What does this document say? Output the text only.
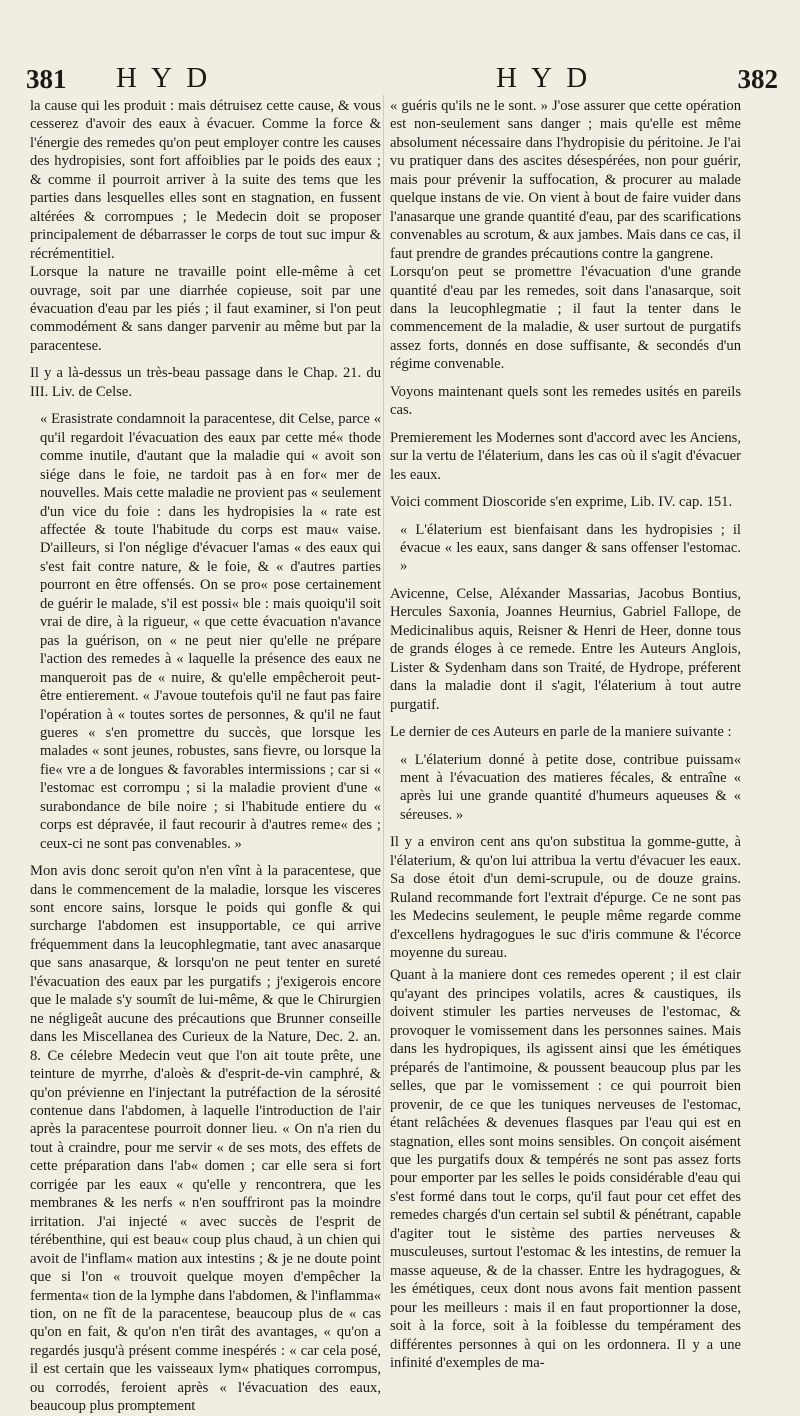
381 H Y D	H Y D	382

la cause qui les produit : mais détruisez cette cause, & vous cesserez d'avoir des eaux à évacuer. Comme la force & l'énergie des remedes qu'on peut employer contre les causes des hydropisies, sont fort affoiblies par le poids des eaux ; & comme il pourroit arriver à la suite des tems que les parties dans lesquelles elles sont en stagnation, en fussent altérées & corrompues ; le Medecin doit se proposer principalement de débarrasser le corps de tout suc impur & récrémentitiel.

Lorsque la nature ne travaille point elle-même à cet ouvrage, soit par une diarrhée copieuse, soit par une évacuation d'eau par les piés ; il faut examiner, si l'on peut commodément & sans danger parvenir au même but par la paracentese.

Il y a là-dessus un très-beau passage dans le Chap. 21. du III. Liv. de Celse.

« Erasistrate condamnoit la paracentese, dit Celse, parce « qu'il regardoit l'évacuation des eaux par cette mé« thode comme inutile, d'autant que la maladie qui « avoit son siége dans le foie, ne tardoit pas à en for« mer de nouvelles. Mais cette maladie ne provient pas « seulement d'un vice du foie : dans les hydropisies la « rate est affectée & toute l'habitude du corps est mau« vaise. D'ailleurs, si l'on néglige d'évacuer l'amas « des eaux qui s'est fait contre nature, & le foie, & « d'autres parties pourront en être offensés. On se pro« pose certainement de guérir le malade, s'il est possi« ble : mais quoiqu'il soit vrai de dire, à la rigueur, « que cette évacuation n'avance pas la guérison, on « ne peut nier qu'elle ne prépare l'action des remedes à « laquelle la présence des eaux ne manqueroit pas de « nuire, & qu'elle empêcheroit peut-être entierement. « J'avoue toutefois qu'il ne faut pas faire l'opération à « toutes sortes de personnes, & qu'il ne faut gueres « s'en promettre du succès, que lorsque les malades « sont jeunes, robustes, sans fievre, ou lorsque la fie« vre a de longues & favorables intermissions ; car si « l'estomac est corrompu ; si la maladie provient d'une « surabondance de bile noire ; si l'habitude entiere du « corps est dépravée, il faut recourir à d'autres reme« des ; ceux-ci ne sont pas convenables. »

Mon avis donc seroit qu'on n'en vînt à la paracentese, que dans le commencement de la maladie, lorsque les visceres sont encore sains, lorsque le poids qui gonfle & qui surcharge l'abdomen est insupportable, ce qui arrive fréquemment dans la leucophlegmatie, tant avec anasarque que sans anasarque, & lorsqu'on ne peut tenter en sureté l'évacuation des eaux par les purgatifs ; j'exigerois encore que le malade s'y soumît de lui-même, & que le Chirurgien ne négligeât aucune des précautions que Brunner conseille dans les Miscellanea des Curieux de la Nature, Dec. 2. an. 8. Ce célebre Medecin veut que l'on ait toute prête, une teinture de myrrhe, d'aloès & d'esprit-de-vin camphré, & qu'on prévienne en l'injectant la putréfaction de la sérosité contenue dans l'abdomen, à laquelle l'introduction de l'air après la paracentese pourroit donner lieu. « On n'a rien du tout à craindre, pour me servir « de ses mots, des effets de cette préparation dans l'ab« domen ; car elle sera si fort corrigée par les eaux « qu'elle y rencontrera, que les membranes & les nerfs « n'en souffriront pas la moindre irritation. J'ai injecté « avec succès de l'esprit de térébenthine, qui est beau« coup plus chaud, à un chien qui avoit de l'inflam« mation aux intestins ; & je ne doute point que si l'on « trouvoit quelque moyen d'empêcher la fermenta« tion de la lymphe dans l'abdomen, & l'inflamma« tion, on ne fît de la paracentese, beaucoup plus de « cas qu'on en fait, & qu'on n'en tirât des avantages, « qu'on a regardés jusqu'à présent comme inespérés : « car cela posé, il est certain que les vaisseaux lym« phatiques corrompus, ou corrodés, feroient après « l'évacuation des eaux, beaucoup plus promptement

« guéris qu'ils ne le sont. » J'ose assurer que cette opération est non-seulement sans danger ; mais qu'elle est même absolument nécessaire dans l'hydropisie du péritoine. Je l'ai vu pratiquer dans des ascites désespérées, non pour guérir, mais pour prévenir la suffocation, & procurer au malade quelque instans de vie. On vient à bout de faire vuider dans l'anasarque une grande quantité d'eau, par des scarifications convenables au scrotum, & aux jambes. Mais dans ce cas, il faut prendre de grandes précautions contre la gangrene.

Lorsqu'on peut se promettre l'évacuation d'une grande quantité d'eau par les remedes, soit dans l'anasarque, soit dans la leucophlegmatie ; il faut la tenter dans le commencement de la maladie, & user surtout de purgatifs assez forts, donnés en dose suffisante, & secondés d'un régime convenable.

Voyons maintenant quels sont les remedes usités en pareils cas.

Premierement les Modernes sont d'accord avec les Anciens, sur la vertu de l'élaterium, dans les cas où il s'agit d'évacuer les eaux.

Voici comment Dioscoride s'en exprime, Lib. IV. cap. 151.

« L'élaterium est bienfaisant dans les hydropisies ; il évacue « les eaux, sans danger & sans offenser l'estomac. »

Avicenne, Celse, Aléxander Massarias, Jacobus Bontius, Hercules Saxonia, Joannes Heurnius, Gabriel Fallope, de Medicinalibus aquis, Reisner & Henri de Heer, donne tous de grands éloges à ce remede. Entre les Auteurs Anglois, Lister & Sydenham dans son Traité, de Hydrope, préferent dans la maladie dont il s'agit, l'élaterium à tout autre purgatif.

Le dernier de ces Auteurs en parle de la maniere suivante :

« L'élaterium donné à petite dose, contribue puissam« ment à l'évacuation des matieres fécales, & entraîne « après lui une grande quantité d'humeurs aqueuses & « séreuses. »

Il y a environ cent ans qu'on substitua la gomme-gutte, à l'élaterium, & qu'on lui attribua la vertu d'évacuer les eaux. Sa dose étoit d'un demi-scrupule, ou de douze grains. Ruland recommande fort l'extrait d'épurge. Ce ne sont pas les Medecins seulement, le peuple même regarde comme d'excellens hydragogues le suc d'iris commune & l'écorce moyenne du sureau.

Quant à la maniere dont ces remedes operent ; il est clair qu'ayant des principes volatils, acres & caustiques, ils doivent stimuler les parties nerveuses de l'estomac, & provoquer le vomissement dans les personnes saines. Mais dans les hydropiques, ils agissent ainsi que les émétiques préparés de l'antimoine, & poussent beaucoup plus par les selles, que par le vomissement : ce qui pourroit bien provenir, de ce que les tuniques nerveuses de l'estomac, étant relâchées & devenues flasques par l'eau qui est en stagnation, elles sont moins sensibles. On conçoit aisément que les purgatifs doux & tempérés ne sont pas assez forts pour emporter par les selles le poids considérable d'eau qui s'est formé dans tout le corps, qu'il faut pour cet effet des remedes chargés d'un certain sel subtil & pénétrant, capable d'agiter tout le sistème des parties nerveuses & musculeuses, surtout l'estomac & les intestins, de remuer la masse aqueuse, & de la chasser. Entre les hydragogues, & les émétiques, ceux dont nous avons fait mention passent pour les meilleurs : mais il en faut proportionner la dose, soit à la force, soit à la foiblesse du tempérament des différentes personnes à qui on les ordonnera. Il y a une infinité d'exemples de ma-
